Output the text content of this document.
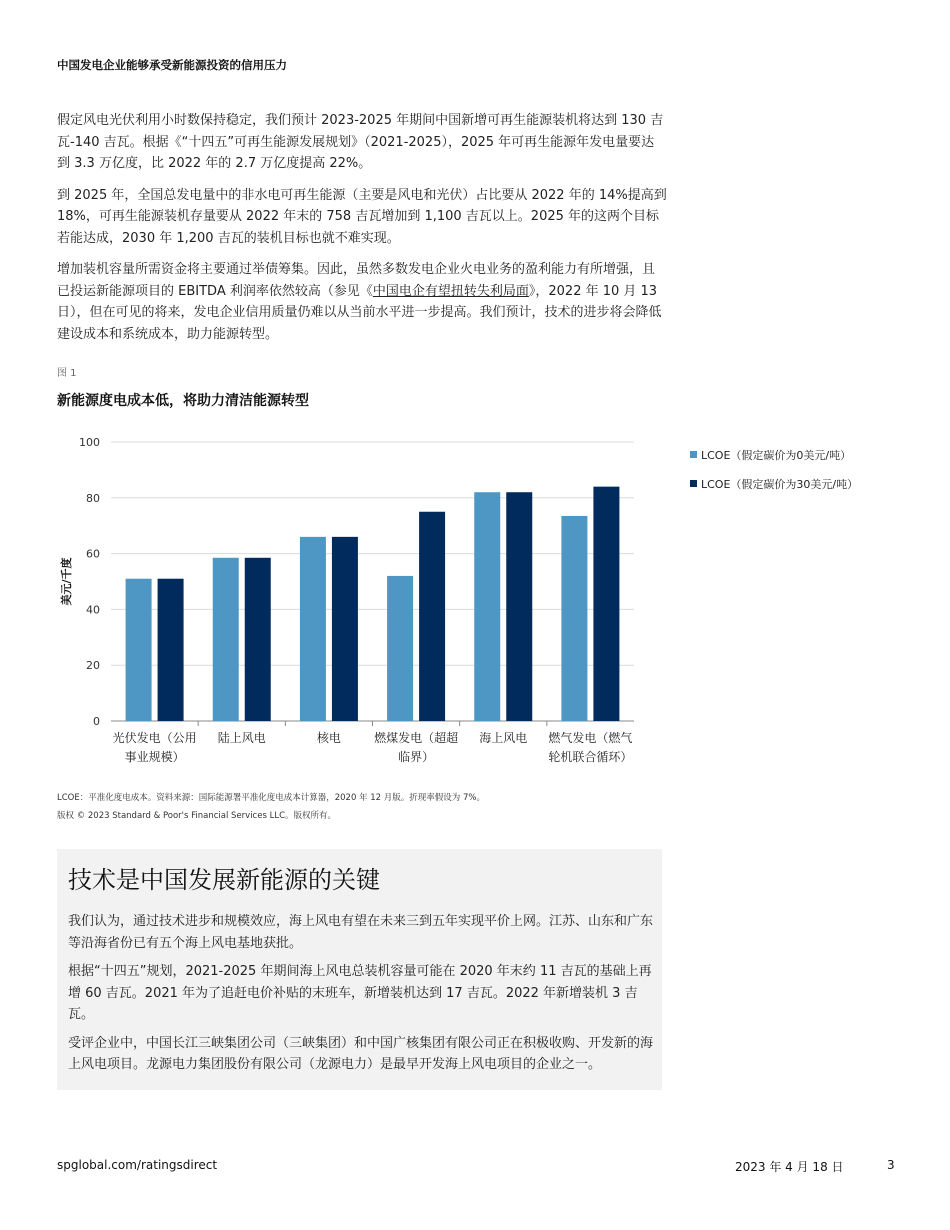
中国发电企业能够承受新能源投资的信用压力

假定风电光伏利用小时数保持稳定，我们预计 2023-2025 年期间中国新增可再生能源装机将达到 130 吉瓦-140 吉瓦。根据《“十四五”可再生能源发展规划》（2021-2025），2025 年可再生能源年发电量要达到 3.3 万亿度，比 2022 年的 2.7 万亿度提高 22%。

到 2025 年，全国总发电量中的非水电可再生能源（主要是风电和光伏）占比要从 2022 年的 14%提高到 18%，可再生能源装机存量要从 2022 年末的 758 吉瓦增加到 1,100 吉瓦以上。2025 年的这两个目标若能达成，2030 年 1,200 吉瓦的装机目标也就不难实现。

增加装机容量所需资金将主要通过举债筹集。因此，虽然多数发电企业火电业务的盈利能力有所增强，且已投运新能源项目的 EBITDA 利润率依然较高（参见《中国电企有望扭转失利局面》，2022 年 10 月 13 日），但在可见的将来，发电企业信用质量仍难以从当前水平进一步提高。我们预计，技术的进步将会降低建设成本和系统成本，助力能源转型。

图 1
新能源度电成本低，将助力清洁能源转型
0
20
40
60
80
100
光伏发电（公用
事业规模）
陆上风电	核电	燃煤发电（超超
临界）
海上风电 燃气发电（燃气
轮机联合循环）
美元/千度
LCOE（假定碳价为0美元/吨）
LCOE（假定碳价为30美元/吨）
LCOE：平准化度电成本。资料来源：国际能源署平准化度电成本计算器，2020 年 12 月版。折现率假设为 7%。
版权 © 2023 Standard & Poor's Financial Services LLC。版权所有。
技术是中国发展新能源的关键

我们认为，通过技术进步和规模效应，海上风电有望在未来三到五年实现平价上网。江苏、山东和广东等沿海省份已有五个海上风电基地获批。

根据“十四五”规划，2021-2025 年期间海上风电总装机容量可能在 2020 年末约 11 吉瓦的基础上再增 60 吉瓦。2021 年为了追赶电价补贴的末班车，新增装机达到 17 吉瓦。2022 年新增装机 3 吉瓦。

受评企业中，中国长江三峡集团公司（三峡集团）和中国广核集团有限公司正在积极收购、开发新的海上风电项目。龙源电力集团股份有限公司（龙源电力）是最早开发海上风电项目的企业之一。

spglobal.com/ratingsdirect	2023 年 4 月 18 日	3
